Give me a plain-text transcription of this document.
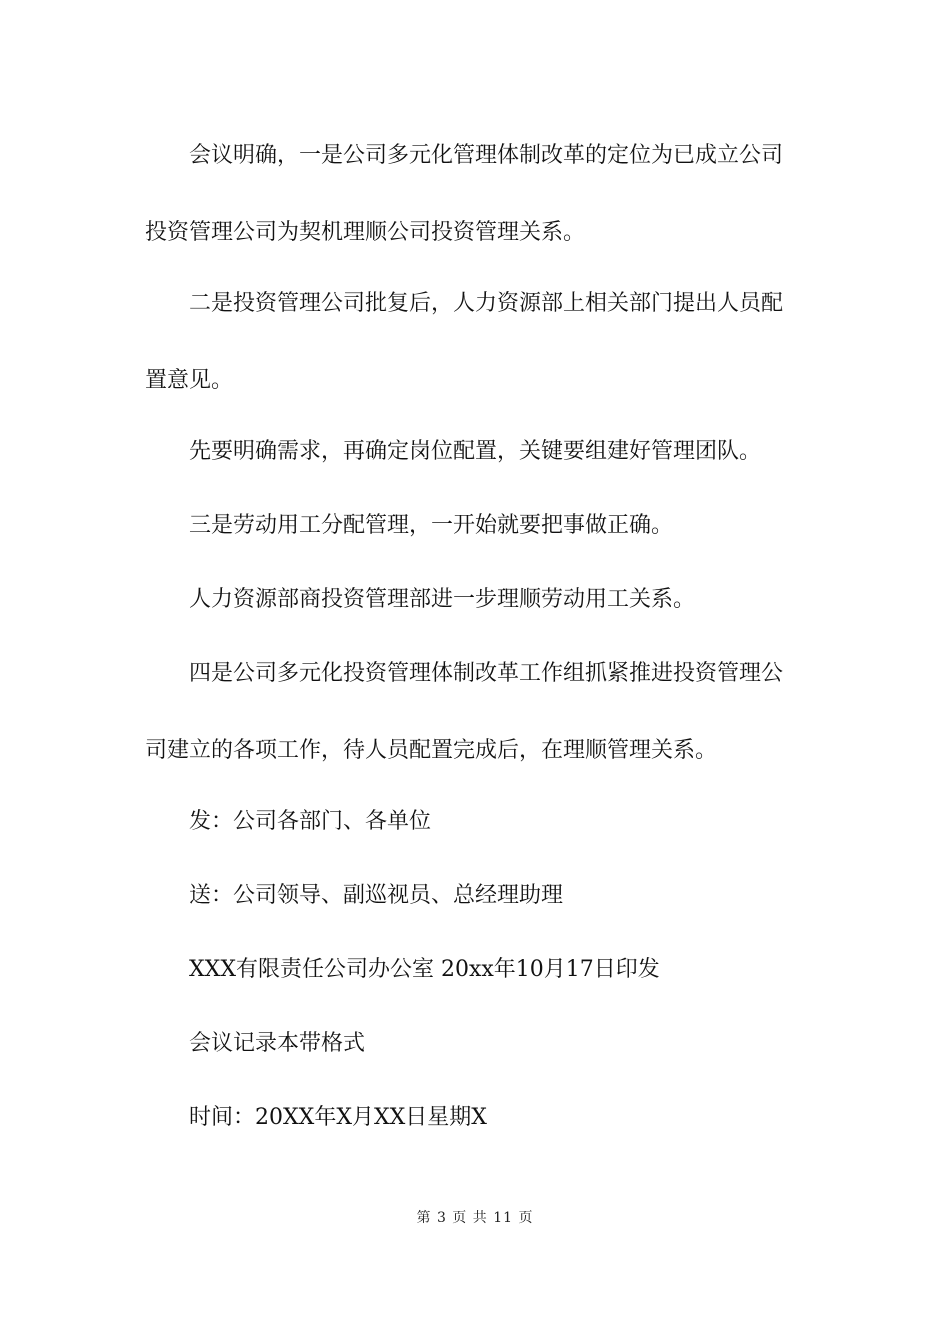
会议明确，一是公司多元化管理体制改革的定位为已成立公司
投资管理公司为契机理顺公司投资管理关系。

二是投资管理公司批复后，人力资源部上相关部门提出人员配
置意见。

先要明确需求，再确定岗位配置，关键要组建好管理团队。

三是劳动用工分配管理，一开始就要把事做正确。

人力资源部商投资管理部进一步理顺劳动用工关系。

四是公司多元化投资管理体制改革工作组抓紧推进投资管理公
司建立的各项工作，待人员配置完成后，在理顺管理关系。

发：公司各部门、各单位

送：公司领导、副巡视员、总经理助理

XXX有限责任公司办公室 20xx年10月17日印发

会议记录本带格式

时间：20XX年X月XX日星期X

第 3 页 共 11 页
